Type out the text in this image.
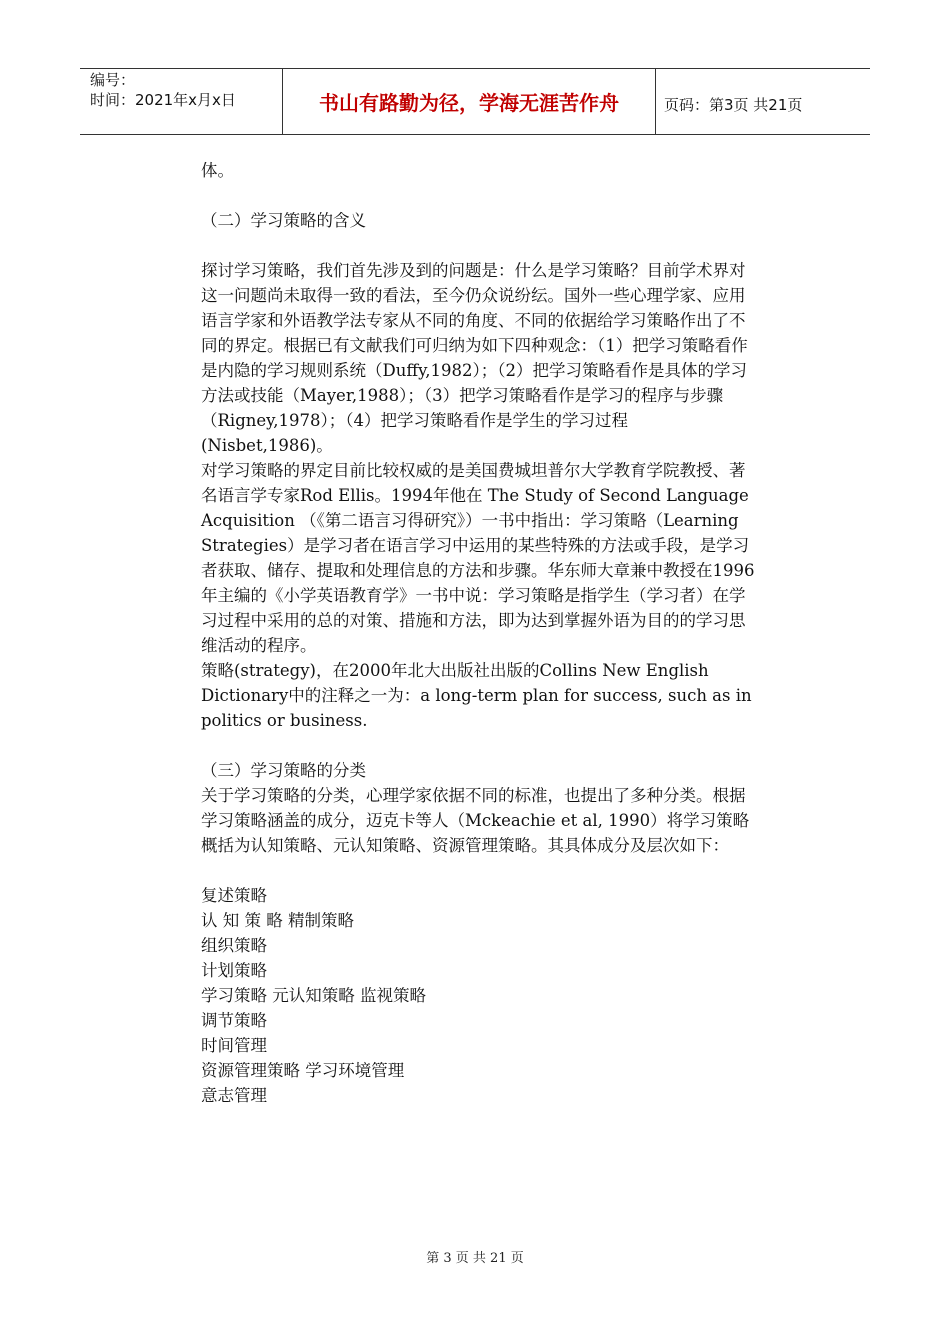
编号：
时间：2021年x月x日	书山有路勤为径，学海无涯苦作舟	页码：第3页 共21页

体。

（二）学习策略的含义

探讨学习策略，我们首先涉及到的问题是：什么是学习策略？目前学术界对这一问题尚未取得一致的看法，至今仍众说纷纭。国外一些心理学家、应用语言学家和外语教学法专家从不同的角度、不同的依据给学习策略作出了不同的界定。根据已有文献我们可归纳为如下四种观念：（1）把学习策略看作是内隐的学习规则系统（Duffy,1982）；（2）把学习策略看作是具体的学习方法或技能（Mayer,1988）；（3）把学习策略看作是学习的程序与步骤（Rigney,1978）；（4）把学习策略看作是学生的学习过程(Nisbet,1986)。

对学习策略的界定目前比较权威的是美国费城坦普尔大学教育学院教授、著名语言学专家Rod Ellis。1994年他在 The Study of Second Language Acquisition （《第二语言习得研究》）一书中指出：学习策略（Learning Strategies）是学习者在语言学习中运用的某些特殊的方法或手段，是学习者获取、储存、提取和处理信息的方法和步骤。华东师大章兼中教授在1996年主编的《小学英语教育学》一书中说：学习策略是指学生（学习者）在学习过程中采用的总的对策、措施和方法，即为达到掌握外语为目的的学习思维活动的程序。

策略(strategy)，在2000年北大出版社出版的Collins New English Dictionary中的注释之一为：a long-term plan for success, such as in politics or business.

（三）学习策略的分类

关于学习策略的分类，心理学家依据不同的标准，也提出了多种分类。根据学习策略涵盖的成分，迈克卡等人（Mckeachie et al, 1990）将学习策略概括为认知策略、元认知策略、资源管理策略。其具体成分及层次如下：

复述策略

认 知 策 略 精制策略

组织策略

计划策略

学习策略 元认知策略 监视策略

调节策略

时间管理

资源管理策略 学习环境管理

意志管理

第 3 页 共 21 页
